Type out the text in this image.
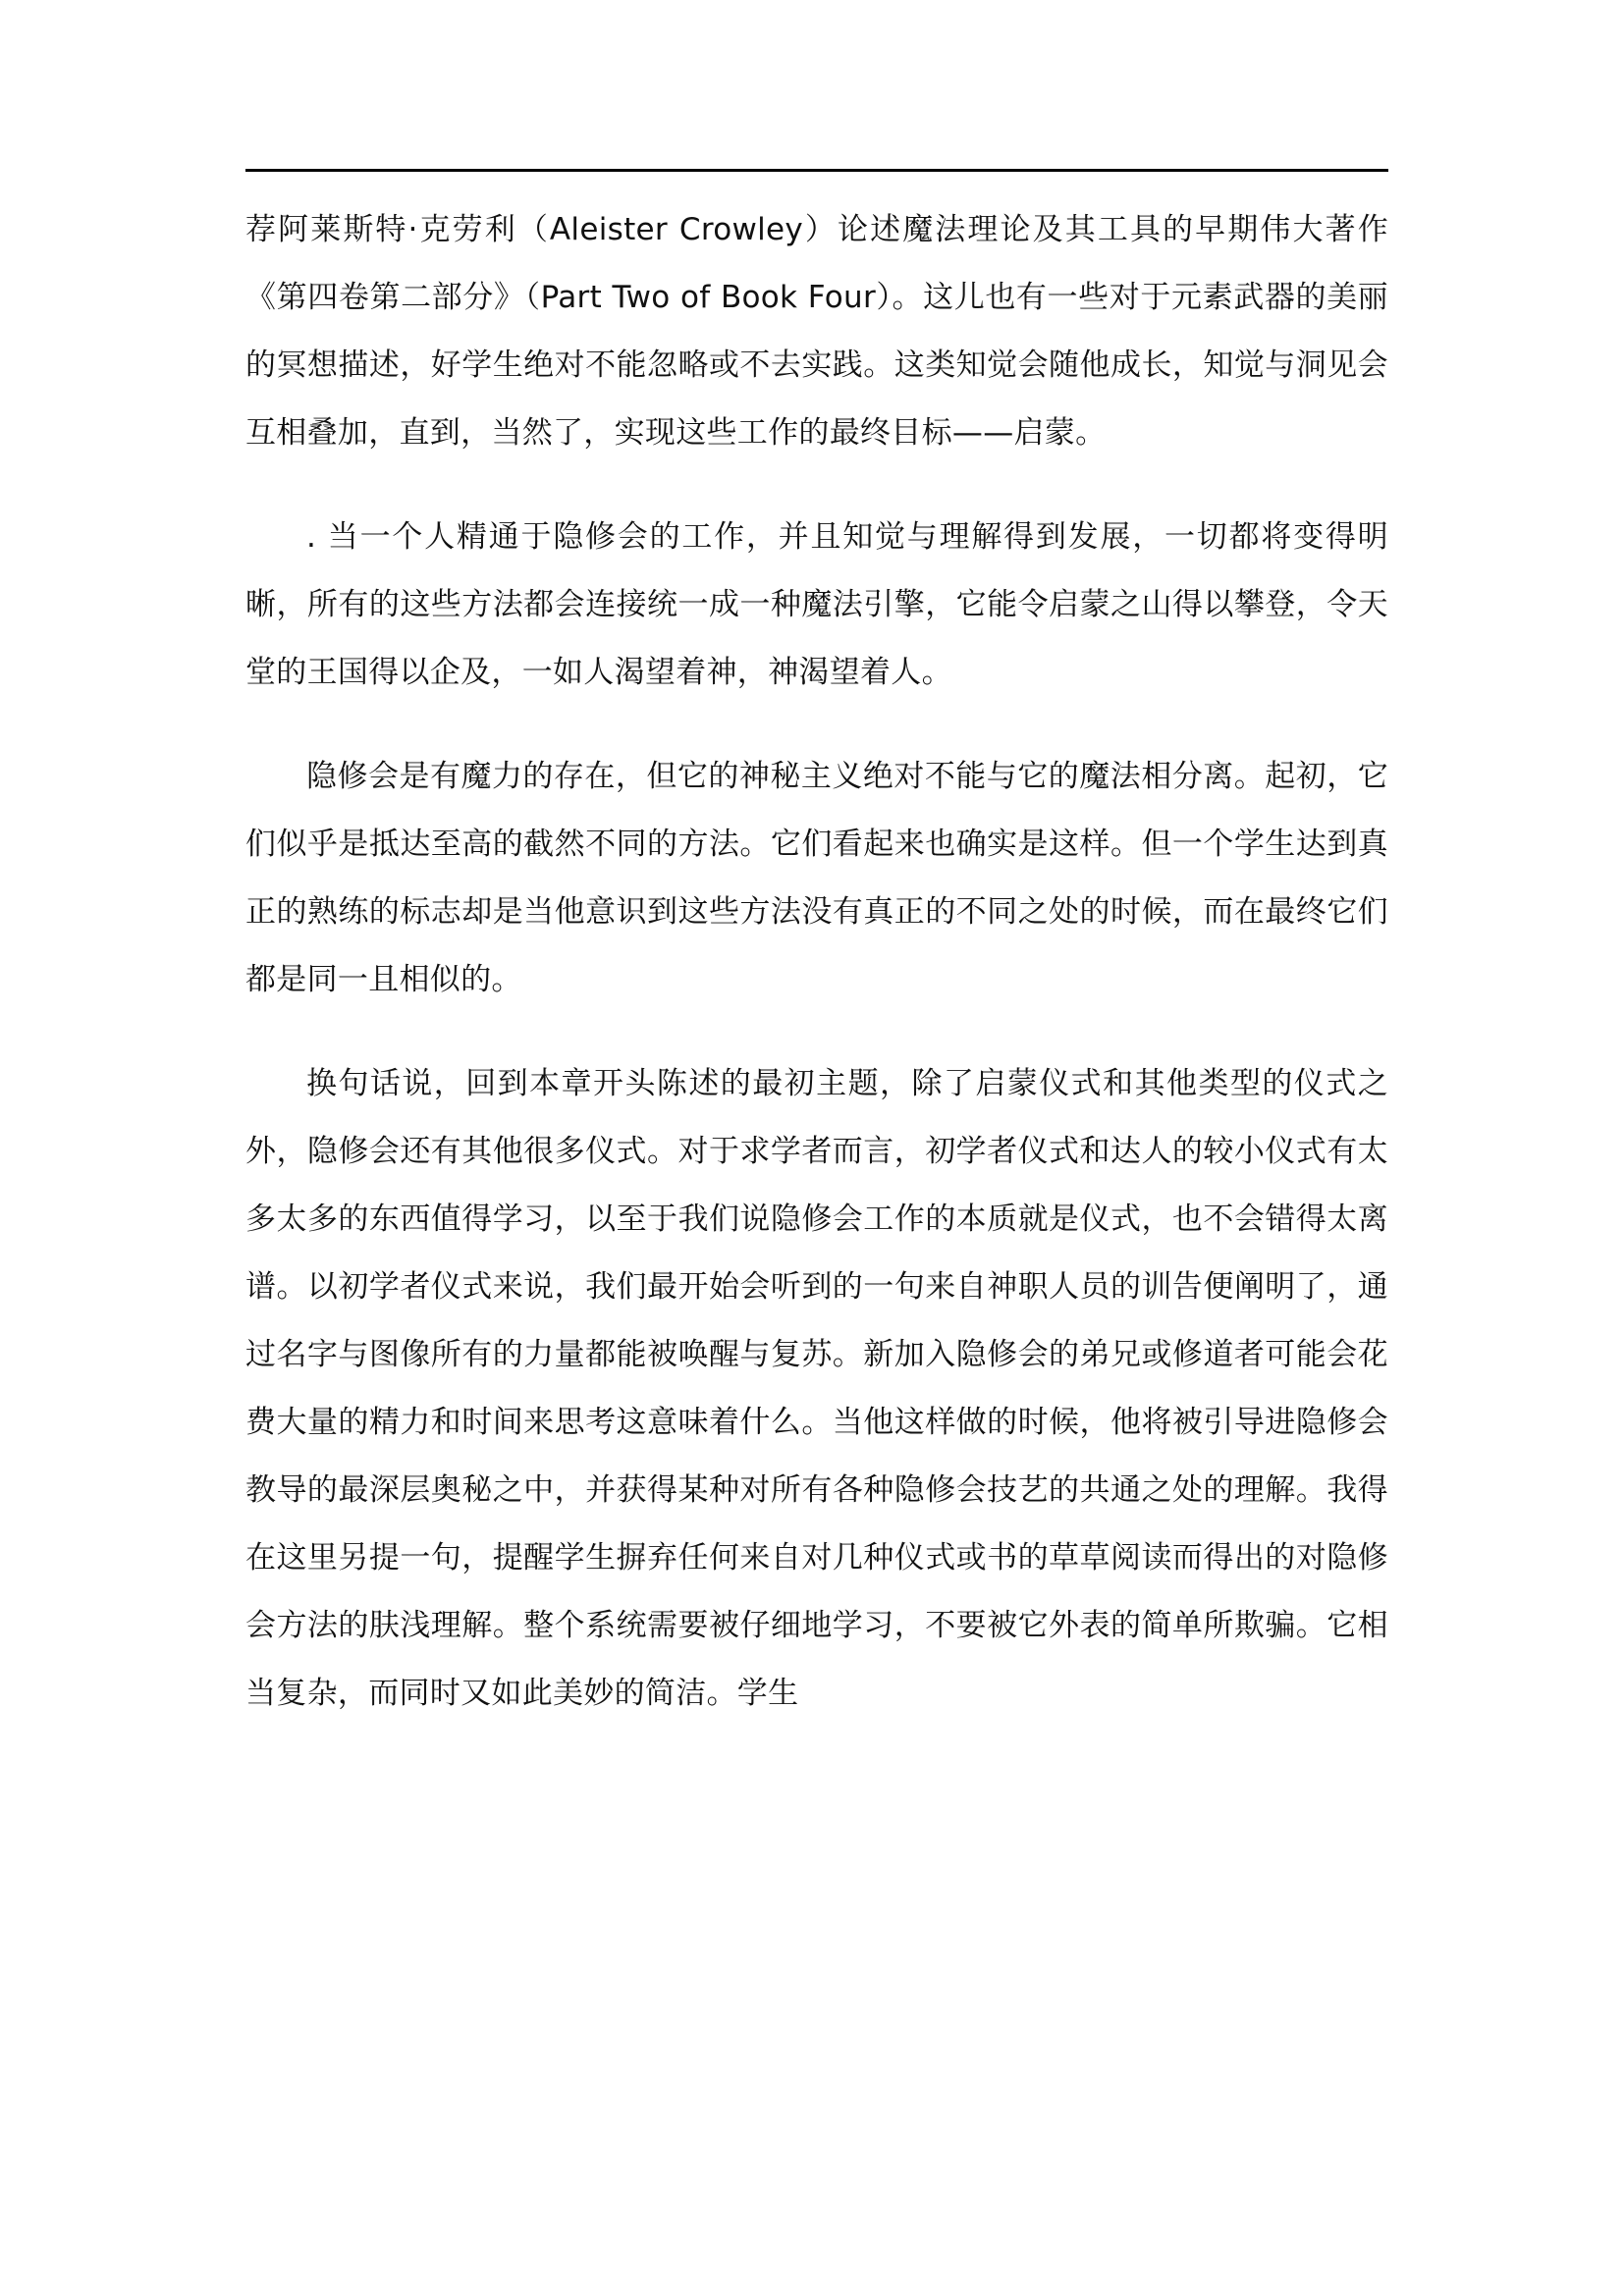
荐阿莱斯特·克劳利（Aleister Crowley）论述魔法理论及其工具的早期伟大著作《第四卷第二部分》（Part Two of Book Four）。这儿也有一些对于元素武器的美丽的冥想描述，好学生绝对不能忽略或不去实践。这类知觉会随他成长，知觉与洞见会互相叠加，直到，当然了，实现这些工作的最终目标——启蒙。

. 当一个人精通于隐修会的工作，并且知觉与理解得到发展，一切都将变得明晰，所有的这些方法都会连接统一成一种魔法引擎，它能令启蒙之山得以攀登，令天堂的王国得以企及，一如人渴望着神，神渴望着人。

隐修会是有魔力的存在，但它的神秘主义绝对不能与它的魔法相分离。起初，它们似乎是抵达至高的截然不同的方法。它们看起来也确实是这样。但一个学生达到真正的熟练的标志却是当他意识到这些方法没有真正的不同之处的时候，而在最终它们都是同一且相似的。

换句话说，回到本章开头陈述的最初主题，除了启蒙仪式和其他类型的仪式之外，隐修会还有其他很多仪式。对于求学者而言，初学者仪式和达人的较小仪式有太多太多的东西值得学习，以至于我们说隐修会工作的本质就是仪式，也不会错得太离谱。以初学者仪式来说，我们最开始会听到的一句来自神职人员的训告便阐明了，通过名字与图像所有的力量都能被唤醒与复苏。新加入隐修会的弟兄或修道者可能会花费大量的精力和时间来思考这意味着什么。当他这样做的时候，他将被引导进隐修会教导的最深层奥秘之中，并获得某种对所有各种隐修会技艺的共通之处的理解。我得在这里另提一句，提醒学生摒弃任何来自对几种仪式或书的草草阅读而得出的对隐修会方法的肤浅理解。整个系统需要被仔细地学习，不要被它外表的简单所欺骗。它相当复杂，而同时又如此美妙的简洁。学生
